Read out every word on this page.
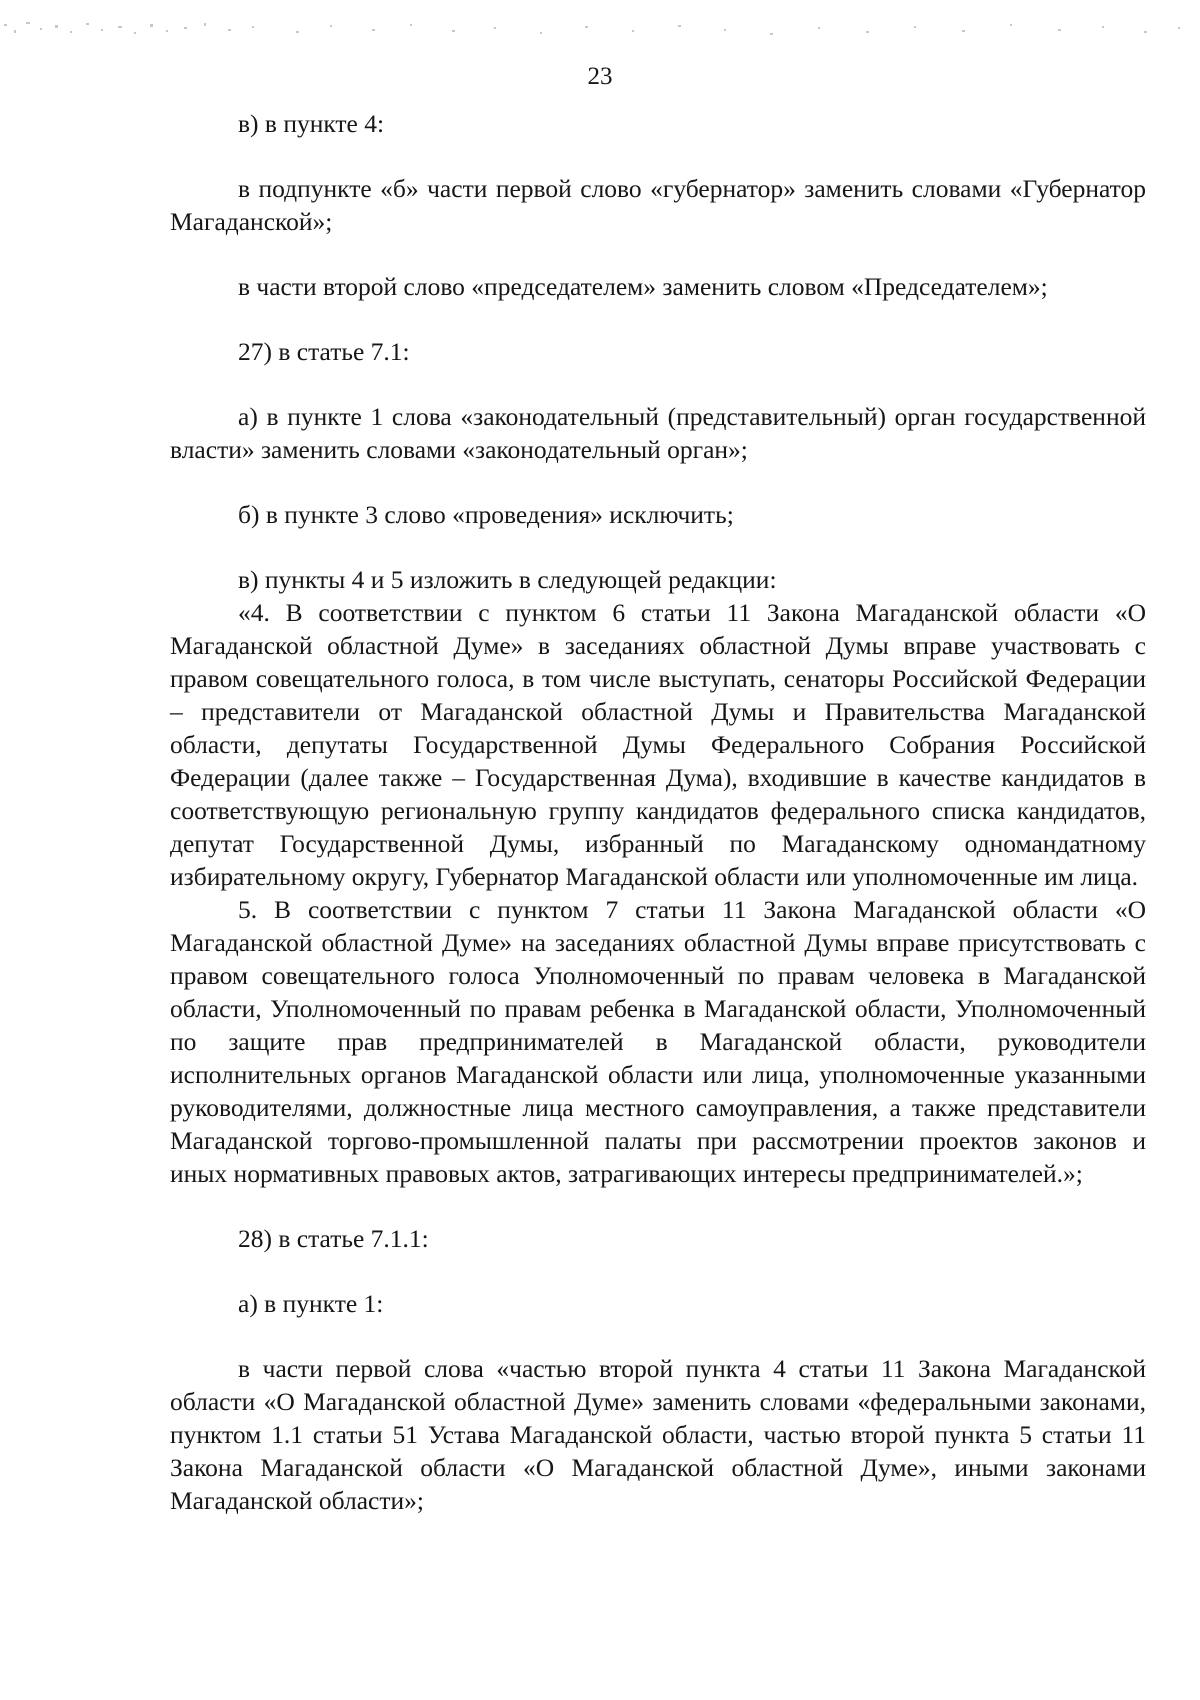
23

в) в пункте 4:

в подпункте «б» части первой слово «губернатор» заменить словами «Губернатор Магаданской»;

в части второй слово «председателем» заменить словом «Председателем»;

27) в статье 7.1:

а) в пункте 1 слова «законодательный (представительный) орган государственной власти» заменить словами «законодательный орган»;

б) в пункте 3 слово «проведения» исключить;

в) пункты 4 и 5 изложить в следующей редакции:

«4. В соответствии с пунктом 6 статьи 11 Закона Магаданской области «О Магаданской областной Думе» в заседаниях областной Думы вправе участвовать с правом совещательного голоса, в том числе выступать, сенаторы Российской Федерации – представители от Магаданской областной Думы и Правительства Магаданской области, депутаты Государственной Думы Федерального Собрания Российской Федерации (далее также – Государственная Дума), входившие в качестве кандидатов в соответствующую региональную группу кандидатов федерального списка кандидатов, депутат Государственной Думы, избранный по Магаданскому одномандатному избирательному округу, Губернатор Магаданской области или уполномоченные им лица.

5. В соответствии с пунктом 7 статьи 11 Закона Магаданской области «О Магаданской областной Думе» на заседаниях областной Думы вправе присутствовать с правом совещательного голоса Уполномоченный по правам человека в Магаданской области, Уполномоченный по правам ребенка в Магаданской области, Уполномоченный по защите прав предпринимателей в Магаданской области, руководители исполнительных органов Магаданской области или лица, уполномоченные указанными руководителями, должностные лица местного самоуправления, а также представители Магаданской торгово-промышленной палаты при рассмотрении проектов законов и иных нормативных правовых актов, затрагивающих интересы предпринимателей.»;

28) в статье 7.1.1:

а) в пункте 1:

в части первой слова «частью второй пункта 4 статьи 11 Закона Магаданской области «О Магаданской областной Думе» заменить словами «федеральными законами, пунктом 1.1 статьи 51 Устава Магаданской области, частью второй пункта 5 статьи 11 Закона Магаданской области «О Магаданской областной Думе», иными законами Магаданской области»;
